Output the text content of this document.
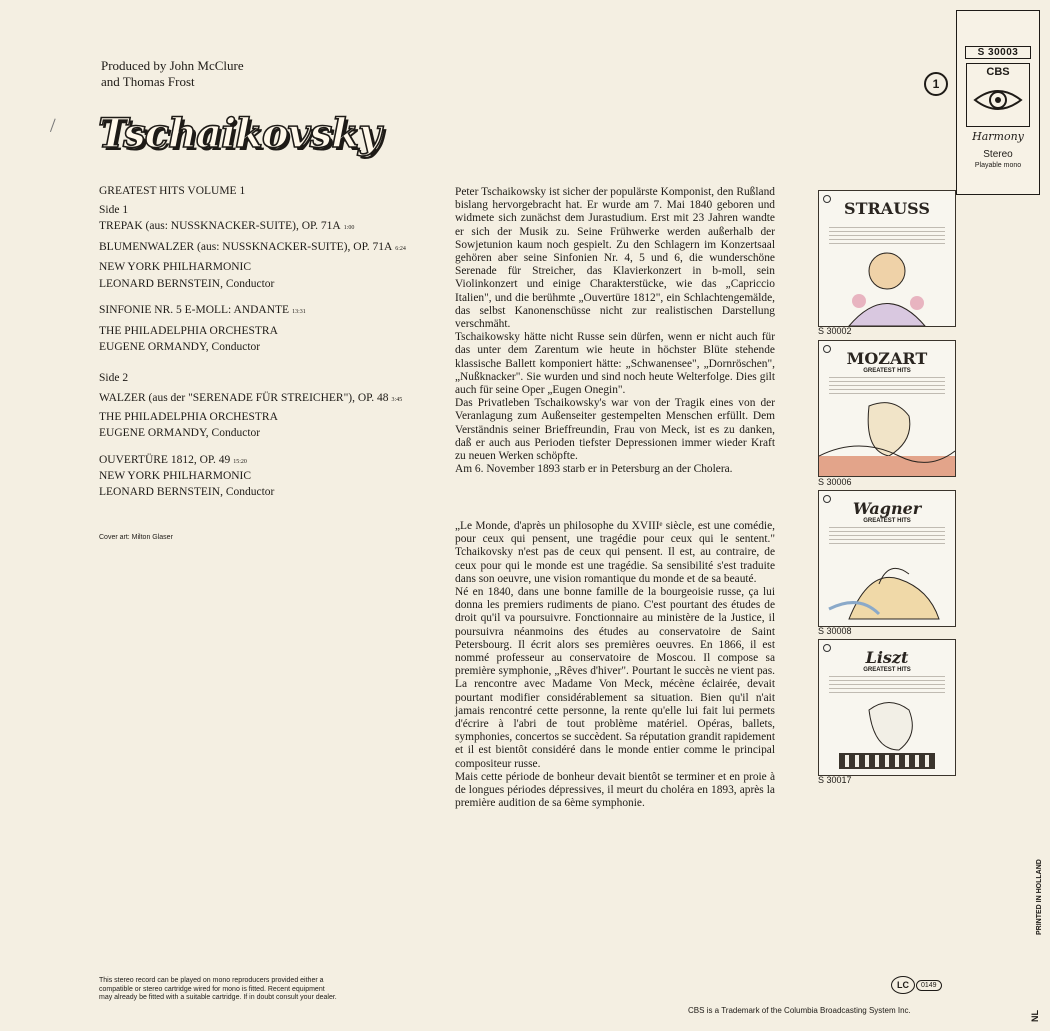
Produced by John McClure
and Thomas Frost
Tschaikovsky
GREATEST HITS VOLUME 1
Side 1
TREPAK (aus: NUSSKNACKER-SUITE), OP. 71A 1:00
BLUMENWALZER (aus: NUSSKNACKER-SUITE), OP. 71A 6:24
NEW YORK PHILHARMONIC
LEONARD BERNSTEIN, Conductor
SINFONIE NR. 5 E-MOLL: ANDANTE 13:31
THE PHILADELPHIA ORCHESTRA
EUGENE ORMANDY, Conductor
Side 2
WALZER (aus der "SERENADE FÜR STREICHER"), OP. 48 3:45
THE PHILADELPHIA ORCHESTRA
EUGENE ORMANDY, Conductor
OUVERTÜRE 1812, OP. 49 15:20
NEW YORK PHILHARMONIC
LEONARD BERNSTEIN, Conductor
Cover art: Milton Glaser
This stereo record can be played on mono reproducers provided either a compatible or stereo cartridge wired for mono is fitted. Recent equipment may already be fitted with a suitable cartridge. If in doubt consult your dealer.

Peter Tschaikowsky ist sicher der populärste Komponist, den Rußland bislang hervorgebracht hat. Er wurde am 7. Mai 1840 geboren und widmete sich zunächst dem Jurastudium. Erst mit 23 Jahren wandte er sich der Musik zu. Seine Frühwerke werden außerhalb der Sowjetunion kaum noch gespielt. Zu den Schlagern im Konzertsaal gehören aber seine Sinfonien Nr. 4, 5 und 6, die wunderschöne Serenade für Streicher, das Klavierkonzert in b-moll, sein Violinkonzert und einige Charakterstücke, wie das „Capriccio Italien", und die berühmte „Ouvertüre 1812", ein Schlachtengemälde, das selbst Kanonenschüsse nicht zur realistischen Darstellung verschmäht.

Tschaikowsky hätte nicht Russe sein dürfen, wenn er nicht auch für das unter dem Zarentum wie heute in höchster Blüte stehende klassische Ballett komponiert hätte: „Schwanensee", „Dornröschen", „Nußknacker". Sie wurden und sind noch heute Welterfolge. Dies gilt auch für seine Oper „Eugen Onegin".

Das Privatleben Tschaikowsky's war von der Tragik eines von der Veranlagung zum Außenseiter gestempelten Menschen erfüllt. Dem Verständnis seiner Brieffreundin, Frau von Meck, ist es zu danken, daß er auch aus Perioden tiefster Depressionen immer wieder Kraft zu neuen Werken schöpfte.

Am 6. November 1893 starb er in Petersburg an der Cholera.

„Le Monde, d'après un philosophe du XVIIIᵉ siècle, est une comédie, pour ceux qui pensent, une tragédie pour ceux qui le sentent." Tchaikovsky n'est pas de ceux qui pensent. Il est, au contraire, de ceux pour qui le monde est une tragédie. Sa sensibilité s'est traduite dans son oeuvre, une vision romantique du monde et de sa beauté.

Né en 1840, dans une bonne famille de la bourgeoisie russe, ça lui donna les premiers rudiments de piano. C'est pourtant des études de droit qu'il va poursuivre. Fonctionnaire au ministère de la Justice, il poursuivra néanmoins des études au conservatoire de Saint Petersbourg. Il écrit alors ses premières oeuvres. En 1866, il est nommé professeur au conservatoire de Moscou. Il compose sa première symphonie, „Rêves d'hiver". Pourtant le succès ne vient pas. La rencontre avec Madame Von Meck, mécène éclairée, devait pourtant modifier considérablement sa situation. Bien qu'il n'ait jamais rencontré cette personne, la rente qu'elle lui fait lui permets d'écrire à l'abri de tout problème matériel. Opéras, ballets, symphonies, concertos se succèdent. Sa réputation grandit rapidement et il est bientôt considéré dans le monde entier comme le principal compositeur russe.

Mais cette période de bonheur devait bientôt se terminer et en proie à de longues périodes dépressives, il meurt du choléra en 1893, après la première audition de sa 6ème symphonie.

1
S 30003
CBS
Harmony
Stereo
Playable mono
STRAUSS
S 30002
MOZART
GREATEST HITS
S 30006
Wagner
GREATEST HITS
S 30008
Liszt
GREATEST HITS
S 30017
LC	0149
CBS is a Trademark of the Columbia Broadcasting System Inc.
PRINTED IN HOLLAND
NL
